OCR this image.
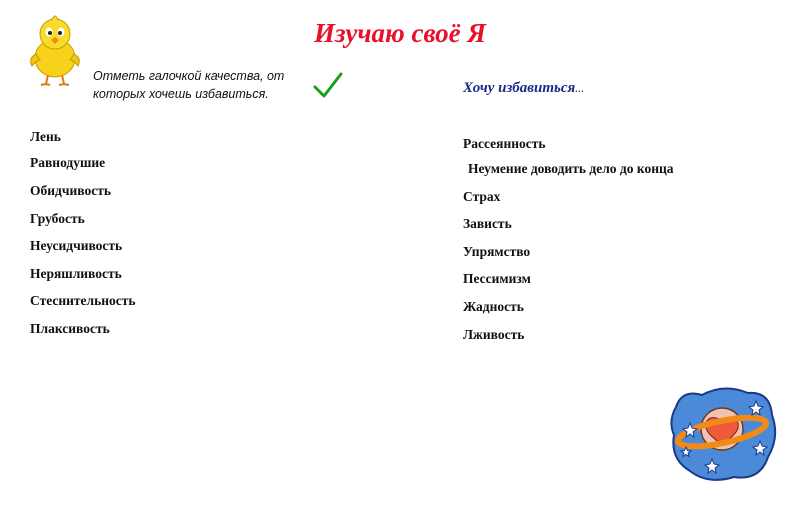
Изучаю своё Я
Отметь галочкой качества, от которых хочешь избавиться.	Хочу избавиться…
Лень
Равнодушие
Обидчивость
Грубость
Неусидчивость
Неряшливость
Стеснительность
Плаксивость
Рассеянность
Неумение доводить дело до конца
Страх
Зависть
Упрямство
Пессимизм
Жадность
Лживость
